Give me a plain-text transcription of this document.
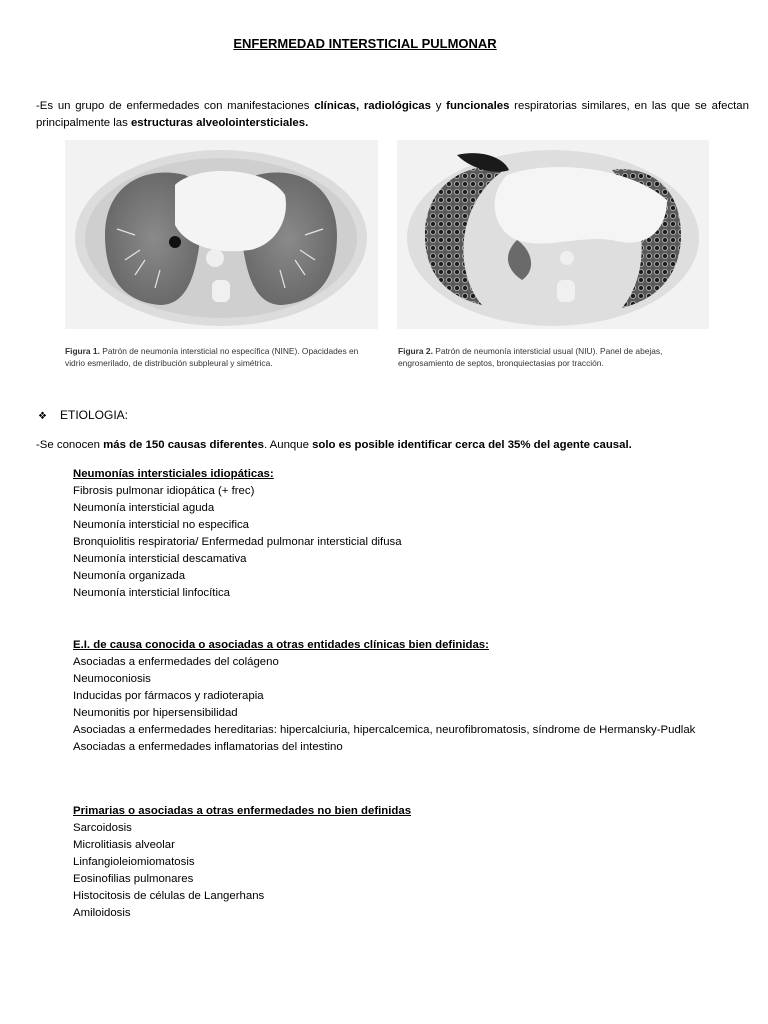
ENFERMEDAD INTERSTICIAL PULMONAR
-Es un grupo de enfermedades con manifestaciones clínicas, radiológicas y funcionales respiratorias similares, en las que se afectan principalmente las estructuras alveolointersticiales.
Figura 1. Patrón de neumonía intersticial no específica (NINE). Opacidades en vidrio esmerilado, de distribución subpleural y simétrica.
Figura 2. Patrón de neumonía intersticial usual (NIU). Panel de abejas, engrosamiento de septos, bronquiectasias por tracción.
❖ ETIOLOGIA:
-Se conocen más de 150 causas diferentes. Aunque solo es posible identificar cerca del 35% del agente causal.
Neumonías intersticiales idiopáticas:
Fibrosis pulmonar idiopática (+ frec)
Neumonía intersticial aguda
Neumonía intersticial no especifica
Bronquiolitis respiratoria/ Enfermedad pulmonar intersticial difusa
Neumonía intersticial descamativa
Neumonía organizada
Neumonía intersticial linfocítica
E.I. de causa conocida o asociadas a otras entidades clínicas bien definidas:
Asociadas a enfermedades del colágeno
Neumoconiosis
Inducidas por fármacos y radioterapia
Neumonitis por hipersensibilidad
Asociadas a enfermedades hereditarias: hipercalciuria, hipercalcemica, neurofibromatosis, síndrome de Hermansky-Pudlak
Asociadas a enfermedades inflamatorias del intestino
Primarias o asociadas a otras enfermedades no bien definidas
Sarcoidosis
Microlitiasis alveolar
Linfangioleiomiomatosis
Eosinofilias pulmonares
Histocitosis de células de Langerhans
Amiloidosis
